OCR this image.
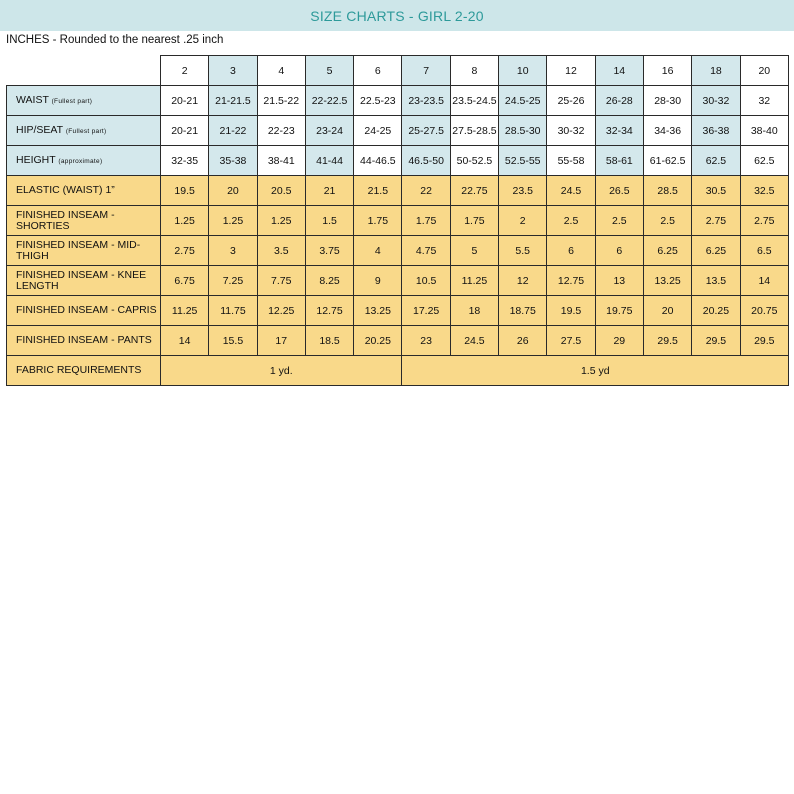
SIZE CHARTS - GIRL 2-20
INCHES - Rounded to the nearest .25 inch
	2	3	4	5	6	7	8	10	12	14	16	18	20
WAIST (Fullest part)	20-21	21-21.5	21.5-22	22-22.5	22.5-23	23-23.5	23.5-24.5	24.5-25	25-26	26-28	28-30	30-32	32
HIP/SEAT (Fullest part)	20-21	21-22	22-23	23-24	24-25	25-27.5	27.5-28.5	28.5-30	30-32	32-34	34-36	36-38	38-40
HEIGHT (approximate)	32-35	35-38	38-41	41-44	44-46.5	46.5-50	50-52.5	52.5-55	55-58	58-61	61-62.5	62.5	62.5
ELASTIC (WAIST) 1”	19.5	20	20.5	21	21.5	22	22.75	23.5	24.5	26.5	28.5	30.5	32.5
FINISHED INSEAM - SHORTIES	1.25	1.25	1.25	1.5	1.75	1.75	1.75	2	2.5	2.5	2.5	2.75	2.75
FINISHED INSEAM - MID-THIGH	2.75	3	3.5	3.75	4	4.75	5	5.5	6	6	6.25	6.25	6.5
FINISHED INSEAM - KNEE LENGTH	6.75	7.25	7.75	8.25	9	10.5	11.25	12	12.75	13	13.25	13.5	14
FINISHED INSEAM - CAPRIS	11.25	11.75	12.25	12.75	13.25	17.25	18	18.75	19.5	19.75	20	20.25	20.75
FINISHED INSEAM - PANTS	14	15.5	17	18.5	20.25	23	24.5	26	27.5	29	29.5	29.5	29.5
FABRIC REQUIREMENTS	1 yd.					1.5 yd							
